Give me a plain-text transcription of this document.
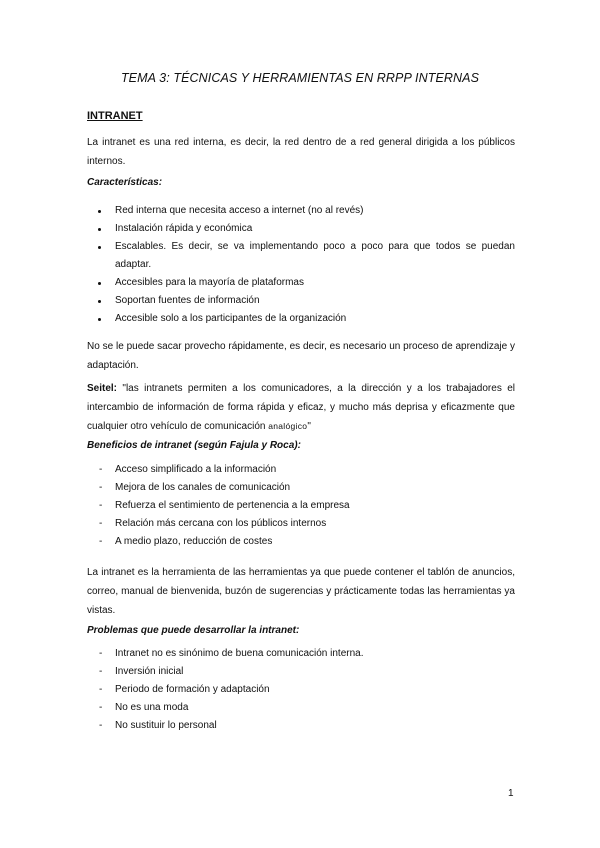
TEMA 3: TÉCNICAS Y HERRAMIENTAS EN RRPP INTERNAS
INTRANET

La intranet es una red interna, es decir, la red dentro de a red general dirigida a los públicos internos.

Características:
Red interna que necesita acceso a internet (no al revés)
Instalación rápida y económica
Escalables. Es decir, se va implementando poco a poco para que todos se puedan adaptar.
Accesibles para la mayoría de plataformas
Soportan fuentes de información
Accesible solo a los participantes de la organización

No se le puede sacar provecho rápidamente, es decir, es necesario un proceso de aprendizaje y adaptación.

Seitel: "las intranets permiten a los comunicadores, a la dirección y a los trabajadores el intercambio de información de forma rápida y eficaz, y mucho más deprisa y eficazmente que cualquier otro vehículo de comunicación analógico"

Beneficios de intranet (según Fajula y Roca):
- Acceso simplificado a la información
- Mejora de los canales de comunicación
- Refuerza el sentimiento de pertenencia a la empresa
- Relación más cercana con los públicos internos
- A medio plazo, reducción de costes

La intranet es la herramienta de las herramientas ya que puede contener el tablón de anuncios, correo, manual de bienvenida, buzón de sugerencias y prácticamente todas las herramientas ya vistas.

Problemas que puede desarrollar la intranet:
- Intranet no es sinónimo de buena comunicación interna.
- Inversión inicial
- Periodo de formación y adaptación
- No es una moda
- No sustituir lo personal
1
